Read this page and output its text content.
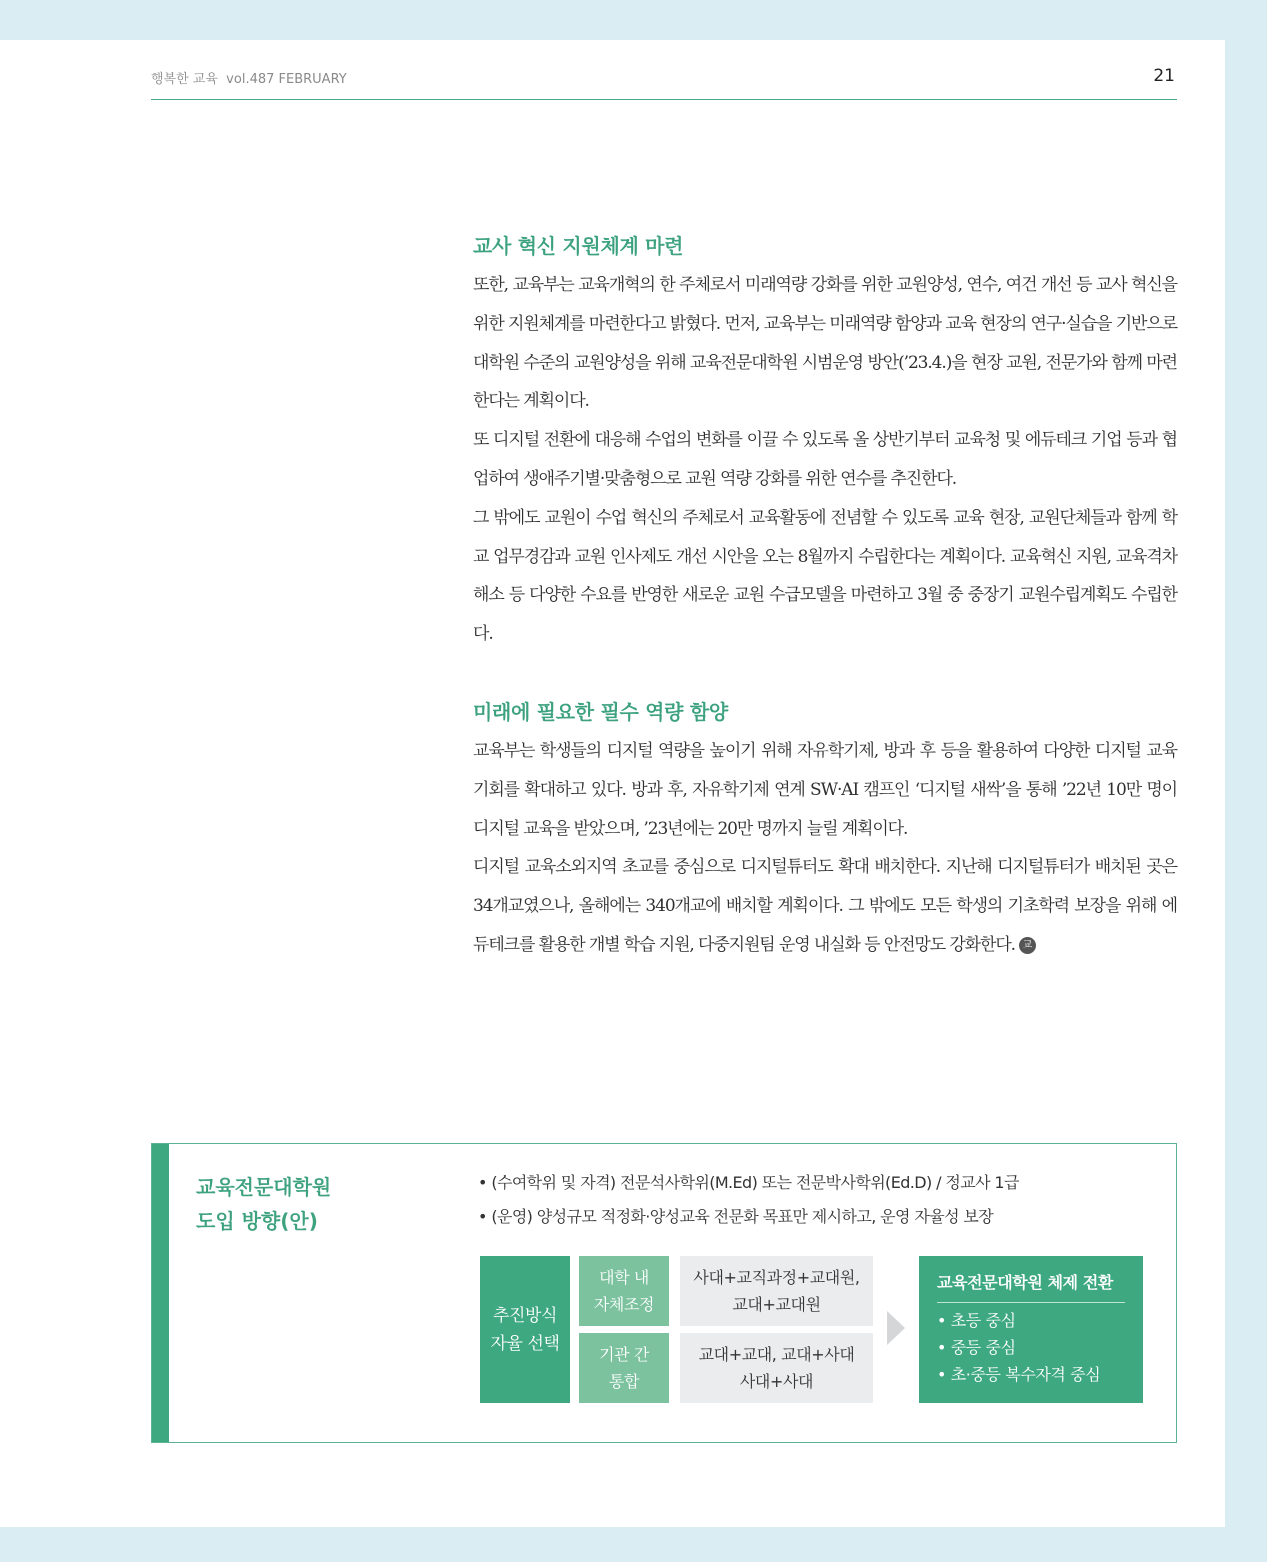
행복한 교육  vol.487 FEBRUARY	21
교사 혁신 지원체계 마련

또한, 교육부는 교육개혁의 한 주체로서 미래역량 강화를 위한 교원양성, 연수, 여건 개선 등 교사 혁신을 위한 지원체계를 마련한다고 밝혔다. 먼저, 교육부는 미래역량 함양과 교육 현장의 연구·실습을 기반으로 대학원 수준의 교원양성을 위해 교육전문대학원 시범운영 방안(’23.4.)을 현장 교원, 전문가와 함께 마련한다는 계획이다.

또 디지털 전환에 대응해 수업의 변화를 이끌 수 있도록 올 상반기부터 교육청 및 에듀테크 기업 등과 협업하여 생애주기별·맞춤형으로 교원 역량 강화를 위한 연수를 추진한다.

그 밖에도 교원이 수업 혁신의 주체로서 교육활동에 전념할 수 있도록 교육 현장, 교원단체들과 함께 학교 업무경감과 교원 인사제도 개선 시안을 오는 8월까지 수립한다는 계획이다. 교육혁신 지원, 교육격차 해소 등 다양한 수요를 반영한 새로운 교원 수급모델을 마련하고 3월 중 중장기 교원수립계획도 수립한다.

미래에 필요한 필수 역량 함양

교육부는 학생들의 디지털 역량을 높이기 위해 자유학기제, 방과 후 등을 활용하여 다양한 디지털 교육 기회를 확대하고 있다. 방과 후, 자유학기제 연계 SW·AI 캠프인 ‘디지털 새싹’을 통해 ’22년 10만 명이 디지털 교육을 받았으며, ’23년에는 20만 명까지 늘릴 계획이다.

디지털 교육소외지역 초교를 중심으로 디지털튜터도 확대 배치한다. 지난해 디지털튜터가 배치된 곳은 34개교였으나, 올해에는 340개교에 배치할 계획이다. 그 밖에도 모든 학생의 기초학력 보장을 위해 에듀테크를 활용한 개별 학습 지원, 다중지원팀 운영 내실화 등 안전망도 강화한다. 교

교육전문대학원
도입 방향(안)
• (수여학위 및 자격) 전문석사학위(M.Ed) 또는 전문박사학위(Ed.D) / 정교사 1급
• (운영) 양성규모 적정화·양성교육 전문화 목표만 제시하고, 운영 자율성 보장
추진방식
자율 선택
대학 내
자체조정
사대+교직과정+교대원,
교대+교대원
기관 간
통합
교대+교대, 교대+사대
사대+사대
교육전문대학원 체제 전환
• 초등 중심
• 중등 중심
• 초·중등 복수자격 중심
